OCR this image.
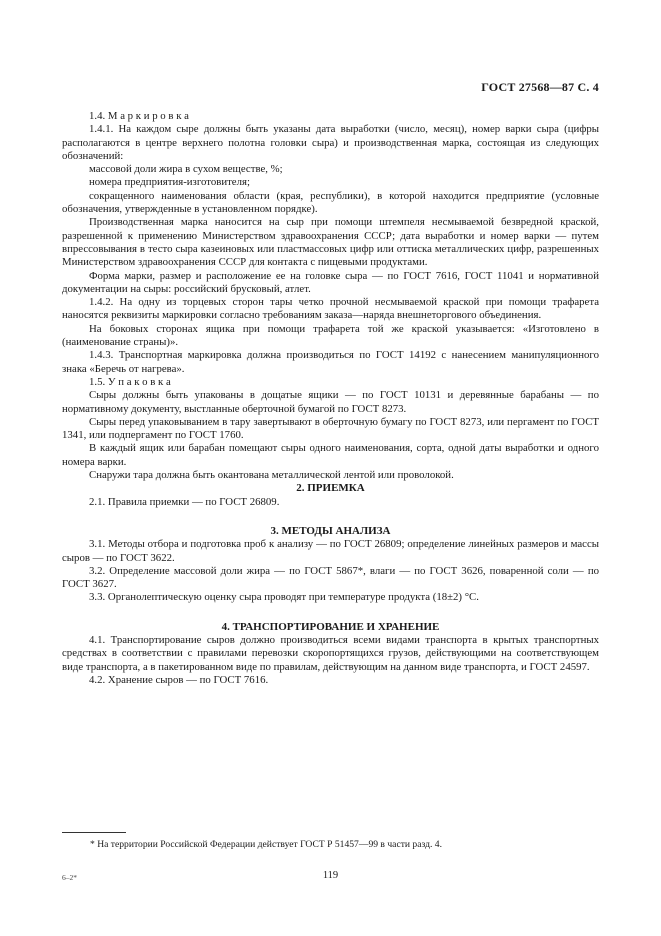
ГОСТ 27568—87 С. 4

1.4. М а р к и р о в к а

1.4.1. На каждом сыре должны быть указаны дата выработки (число, месяц), номер варки сыра (цифры располагаются в центре верхнего полотна головки сыра) и производственная марка, состоящая из следующих обозначений:

массовой доли жира в сухом веществе, %;

номера предприятия-изготовителя;

сокращенного наименования области (края, республики), в которой находится предприятие (условные обозначения, утвержденные в установленном порядке).

Производственная марка наносится на сыр при помощи штемпеля несмываемой безвредной краской, разрешенной к применению Министерством здравоохранения СССР; дата выработки и номер варки — путем впрессовывания в тесто сыра казеиновых или пластмассовых цифр или оттиска металлических цифр, разрешенных Министерством здравоохранения СССР для контакта с пищевыми продуктами.

Форма марки, размер и расположение ее на головке сыра — по ГОСТ 7616, ГОСТ 11041 и нормативной документации на сыры: российский брусковый, атлет.

1.4.2. На одну из торцевых сторон тары четко прочной несмываемой краской при помощи трафарета наносятся реквизиты маркировки согласно требованиям заказа—наряда внешнеторгового объединения.

На боковых сторонах ящика при помощи трафарета той же краской указывается: «Изготовлено в (наименование страны)».

1.4.3. Транспортная маркировка должна производиться по ГОСТ 14192 с нанесением манипуляционного знака «Беречь от нагрева».

1.5. У п а к о в к а

Сыры должны быть упакованы в дощатые ящики — по ГОСТ 10131 и деревянные барабаны — по нормативному документу, выстланные оберточной бумагой по ГОСТ 8273.

Сыры перед упаковыванием в тару завертывают в оберточную бумагу по ГОСТ 8273, или пергамент по ГОСТ 1341, или подпергамент по ГОСТ 1760.

В каждый ящик или барабан помещают сыры одного наименования, сорта, одной даты выработки и одного номера варки.

Снаружи тара должна быть окантована металлической лентой или проволокой.

2. ПРИЕМКА

2.1. Правила приемки — по ГОСТ 26809.

3. МЕТОДЫ АНАЛИЗА

3.1. Методы отбора и подготовка проб к анализу — по ГОСТ 26809; определение линейных размеров и массы сыров — по ГОСТ 3622.

3.2. Определение массовой доли жира — по ГОСТ 5867*, влаги — по ГОСТ 3626, поваренной соли — по ГОСТ 3627.

3.3. Органолептическую оценку сыра проводят при температуре продукта (18±2) °С.

4. ТРАНСПОРТИРОВАНИЕ И ХРАНЕНИЕ

4.1. Транспортирование сыров должно производиться всеми видами транспорта в крытых транспортных средствах в соответствии с правилами перевозки скоропортящихся грузов, действующими на соответствующем виде транспорта, а в пакетированном виде по правилам, действующим на данном виде транспорта, и ГОСТ 24597.

4.2. Хранение сыров — по ГОСТ 7616.

* На территории Российской Федерации действует ГОСТ Р 51457—99 в части разд. 4.
6–2*	119
